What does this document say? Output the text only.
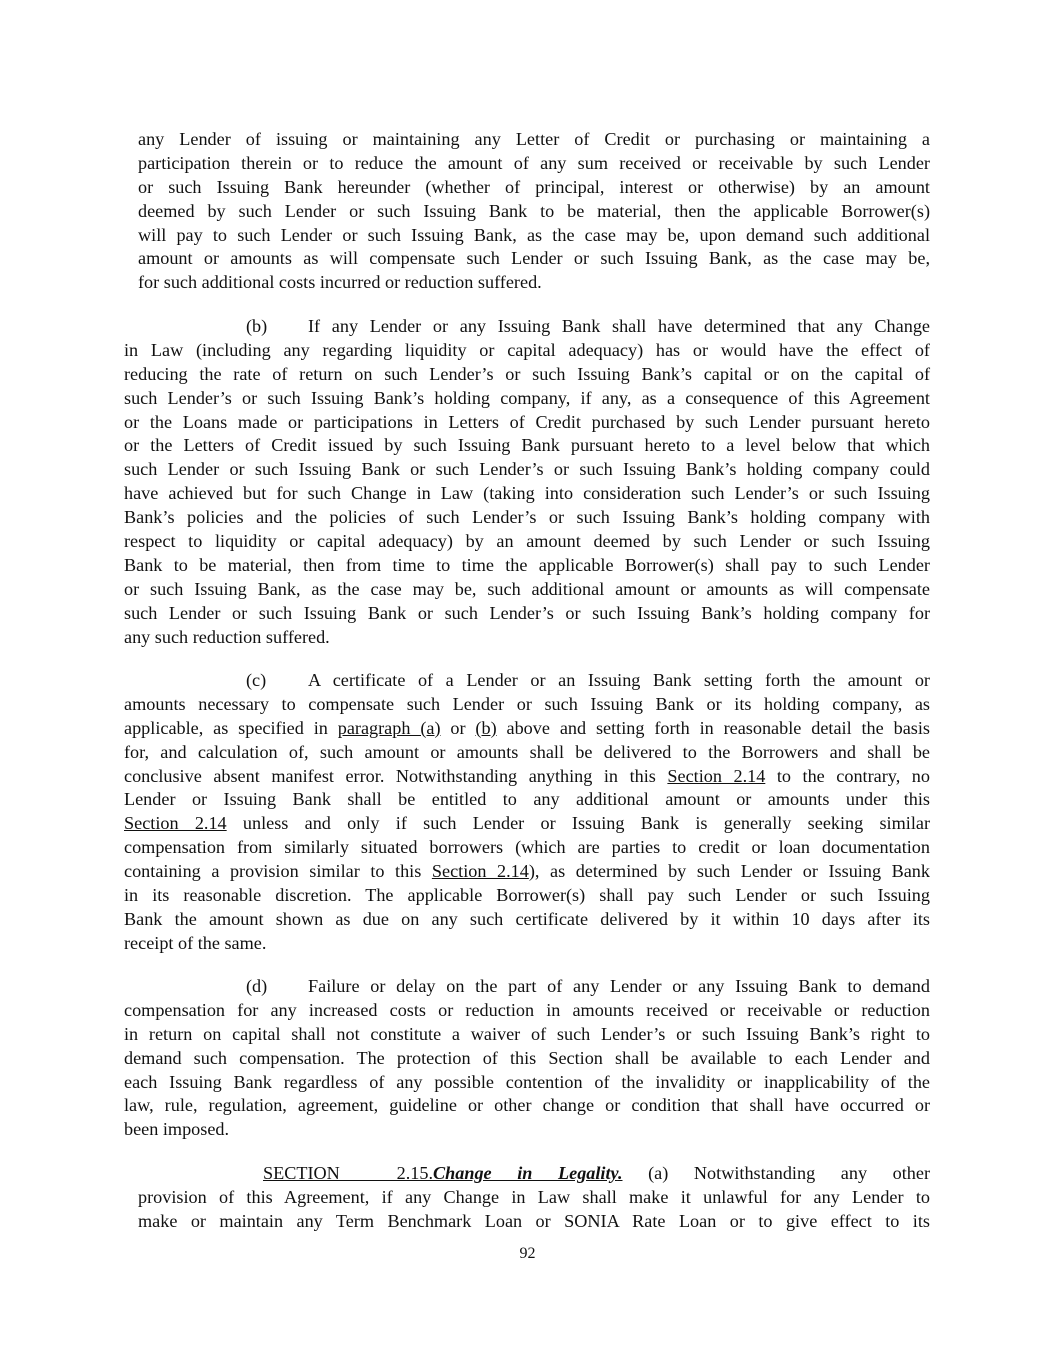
any Lender of issuing or maintaining any Letter of Credit or purchasing or maintaining a
participation therein or to reduce the amount of any sum received or receivable by such Lender
or such Issuing Bank hereunder (whether of principal, interest or otherwise) by an amount
deemed by such Lender or such Issuing Bank to be material, then the applicable Borrower(s)
will pay to such Lender or such Issuing Bank, as the case may be, upon demand such additional
amount or amounts as will compensate such Lender or such Issuing Bank, as the case may be,
for such additional costs incurred or reduction suffered.
(b) If any Lender or any Issuing Bank shall have determined that any Change
in Law (including any regarding liquidity or capital adequacy) has or would have the effect of
reducing the rate of return on such Lender’s or such Issuing Bank’s capital or on the capital of
such Lender’s or such Issuing Bank’s holding company, if any, as a consequence of this Agreement
or the Loans made or participations in Letters of Credit purchased by such Lender pursuant hereto
or the Letters of Credit issued by such Issuing Bank pursuant hereto to a level below that which
such Lender or such Issuing Bank or such Lender’s or such Issuing Bank’s holding company could
have achieved but for such Change in Law (taking into consideration such Lender’s or such Issuing
Bank’s policies and the policies of such Lender’s or such Issuing Bank’s holding company with
respect to liquidity or capital adequacy) by an amount deemed by such Lender or such Issuing
Bank to be material, then from time to time the applicable Borrower(s) shall pay to such Lender
or such Issuing Bank, as the case may be, such additional amount or amounts as will compensate
such Lender or such Issuing Bank or such Lender’s or such Issuing Bank’s holding company for
any such reduction suffered.
(c) A certificate of a Lender or an Issuing Bank setting forth the amount or
amounts necessary to compensate such Lender or such Issuing Bank or its holding company, as
applicable, as specified in paragraph (a) or (b) above and setting forth in reasonable detail the basis
for, and calculation of, such amount or amounts shall be delivered to the Borrowers and shall be
conclusive absent manifest error. Notwithstanding anything in this Section 2.14 to the contrary, no
Lender or Issuing Bank shall be entitled to any additional amount or amounts under this
Section 2.14 unless and only if such Lender or Issuing Bank is generally seeking similar
compensation from similarly situated borrowers (which are parties to credit or loan documentation
containing a provision similar to this Section 2.14), as determined by such Lender or Issuing Bank
in its reasonable discretion. The applicable Borrower(s) shall pay such Lender or such Issuing
Bank the amount shown as due on any such certificate delivered by it within 10 days after its
receipt of the same.
(d) Failure or delay on the part of any Lender or any Issuing Bank to demand
compensation for any increased costs or reduction in amounts received or receivable or reduction
in return on capital shall not constitute a waiver of such Lender’s or such Issuing Bank’s right to
demand such compensation. The protection of this Section shall be available to each Lender and
each Issuing Bank regardless of any possible contention of the invalidity or inapplicability of the
law, rule, regulation, agreement, guideline or other change or condition that shall have occurred or
been imposed.
SECTION 2.15.Change in Legality. (a) Notwithstanding any other
provision of this Agreement, if any Change in Law shall make it unlawful for any Lender to
make or maintain any Term Benchmark Loan or SONIA Rate Loan or to give effect to its
92
